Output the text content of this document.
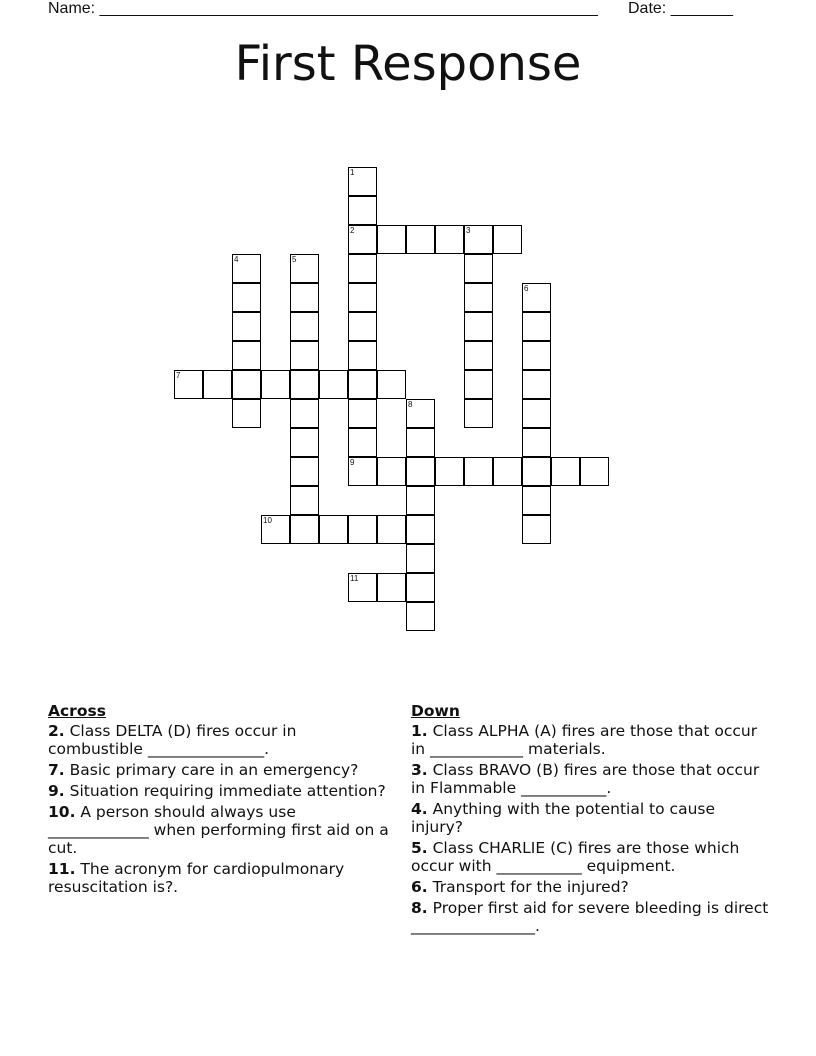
Name: ________________________________________________________ Date: _______
First Response
1
2	3
4	5
6
7
8
9
10
11
Across
2. Class DELTA (D) fires occur in combustible _______________.
7. Basic primary care in an emergency?
9. Situation requiring immediate attention?
10. A person should always use _____________ when performing first aid on a cut.
11. The acronym for cardiopulmonary resuscitation is?.
Down
1. Class ALPHA (A) fires are those that occur in ____________ materials.
3. Class BRAVO (B) fires are those that occur in Flammable ___________.
4. Anything with the potential to cause injury?
5. Class CHARLIE (C) fires are those which occur with ___________ equipment.
6. Transport for the injured?
8. Proper first aid for severe bleeding is direct ________________.
